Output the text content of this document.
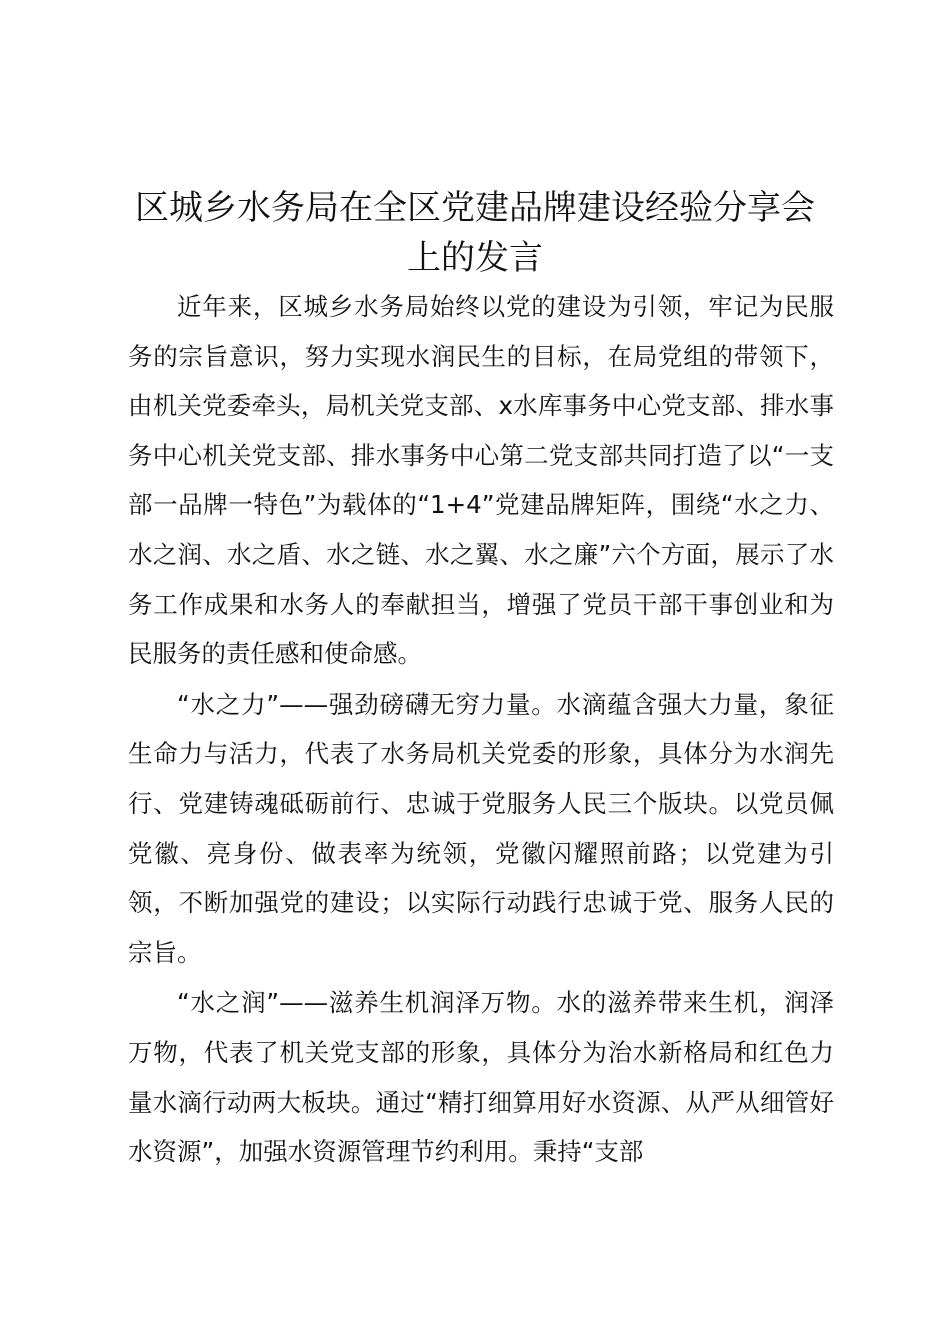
区城乡水务局在全区党建品牌建设经验分享会
上的发言

近年来，区城乡水务局始终以党的建设为引领，牢记为民服务的宗旨意识，努力实现水润民生的目标，在局党组的带领下，由机关党委牵头，局机关党支部、x水库事务中心党支部、排水事务中心机关党支部、排水事务中心第二党支部共同打造了以“一支部一品牌一特色”为载体的“1+4”党建品牌矩阵，围绕“水之力、水之润、水之盾、水之链、水之翼、水之廉”六个方面，展示了水务工作成果和水务人的奉献担当，增强了党员干部干事创业和为民服务的责任感和使命感。

“水之力”——强劲磅礴无穷力量。水滴蕴含强大力量，象征生命力与活力，代表了水务局机关党委的形象，具体分为水润先行、党建铸魂砥砺前行、忠诚于党服务人民三个版块。以党员佩党徽、亮身份、做表率为统领，党徽闪耀照前路；以党建为引领，不断加强党的建设；以实际行动践行忠诚于党、服务人民的宗旨。

“水之润”——滋养生机润泽万物。水的滋养带来生机，润泽万物，代表了机关党支部的形象，具体分为治水新格局和红色力量水滴行动两大板块。通过“精打细算用好水资源、从严从细管好水资源”，加强水资源管理节约利用。秉持“支部
